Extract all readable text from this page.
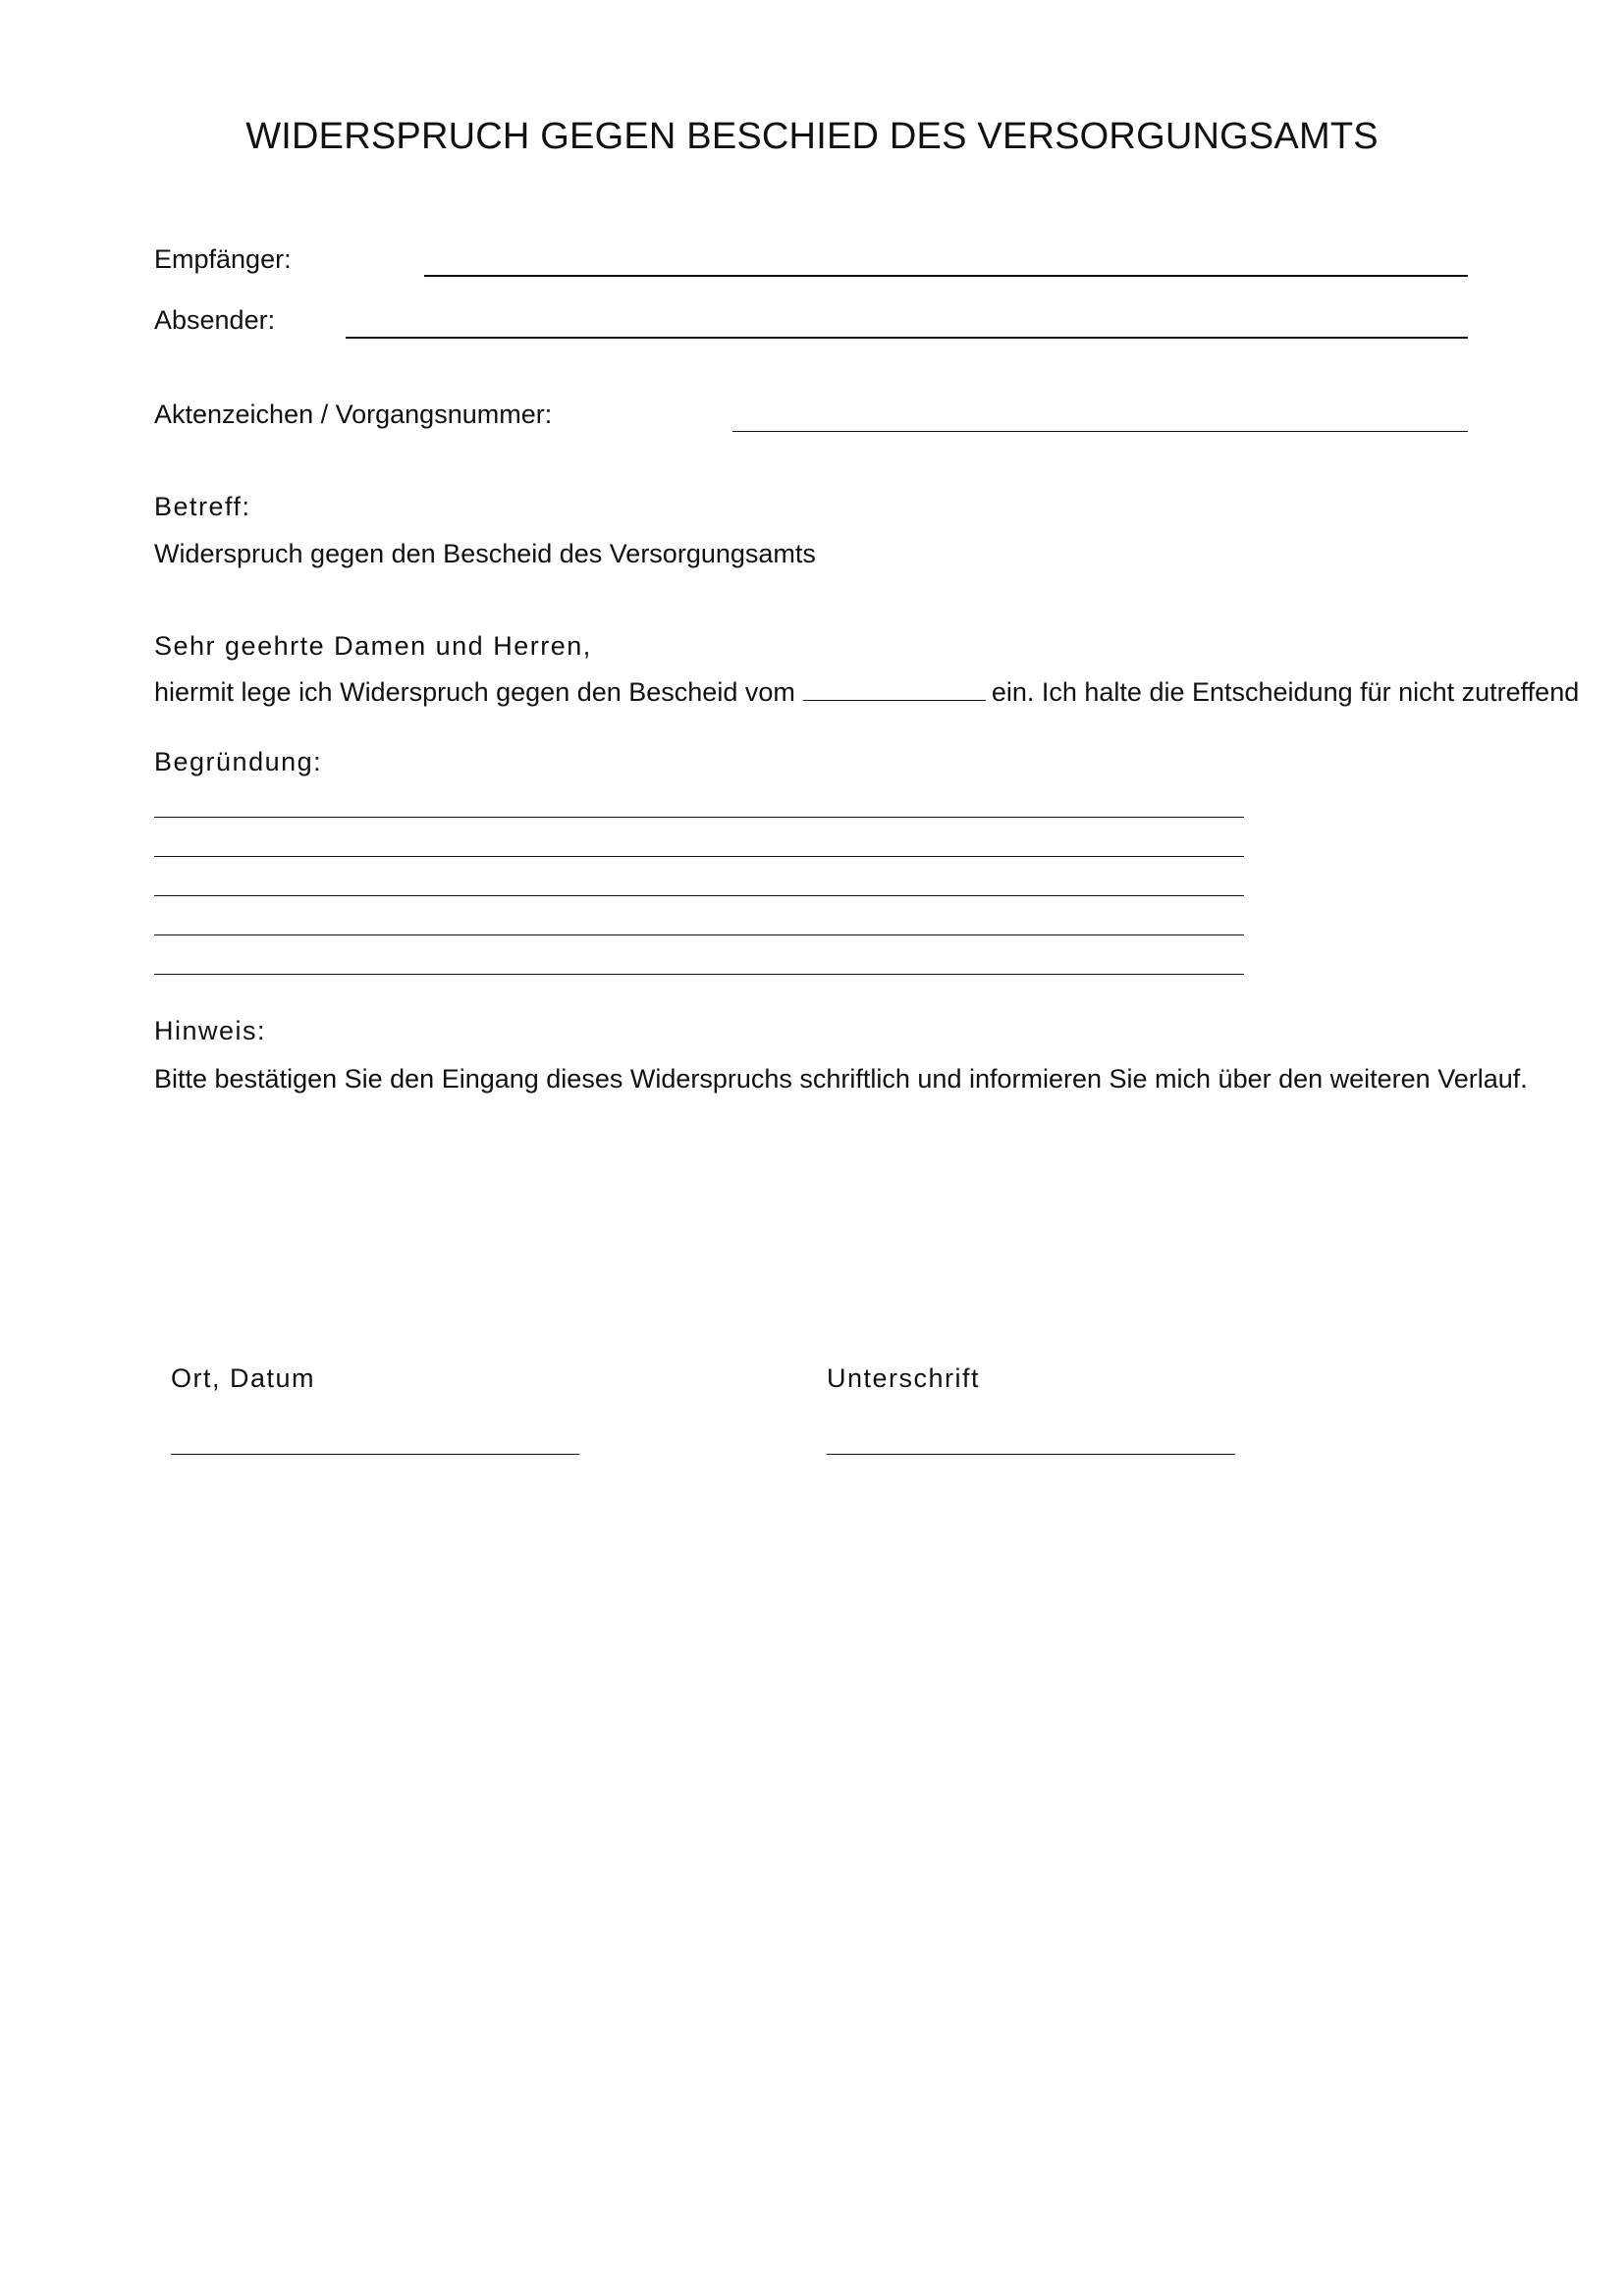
WIDERSPRUCH GEGEN BESCHIED DES VERSORGUNGSAMTS
Empfänger:
Absender:
Aktenzeichen / Vorgangsnummer:
Betreff:
Widerspruch gegen den Bescheid des Versorgungsamts
Sehr geehrte Damen und Herren,
hiermit lege ich Widerspruch gegen den Bescheid vom	ein. Ich halte die Entscheidung für nicht zutreffend
Begründung:
Hinweis:
Bitte bestätigen Sie den Eingang dieses Widerspruchs schriftlich und informieren Sie mich über den weiteren Verlauf.
Ort, Datum	Unterschrift
